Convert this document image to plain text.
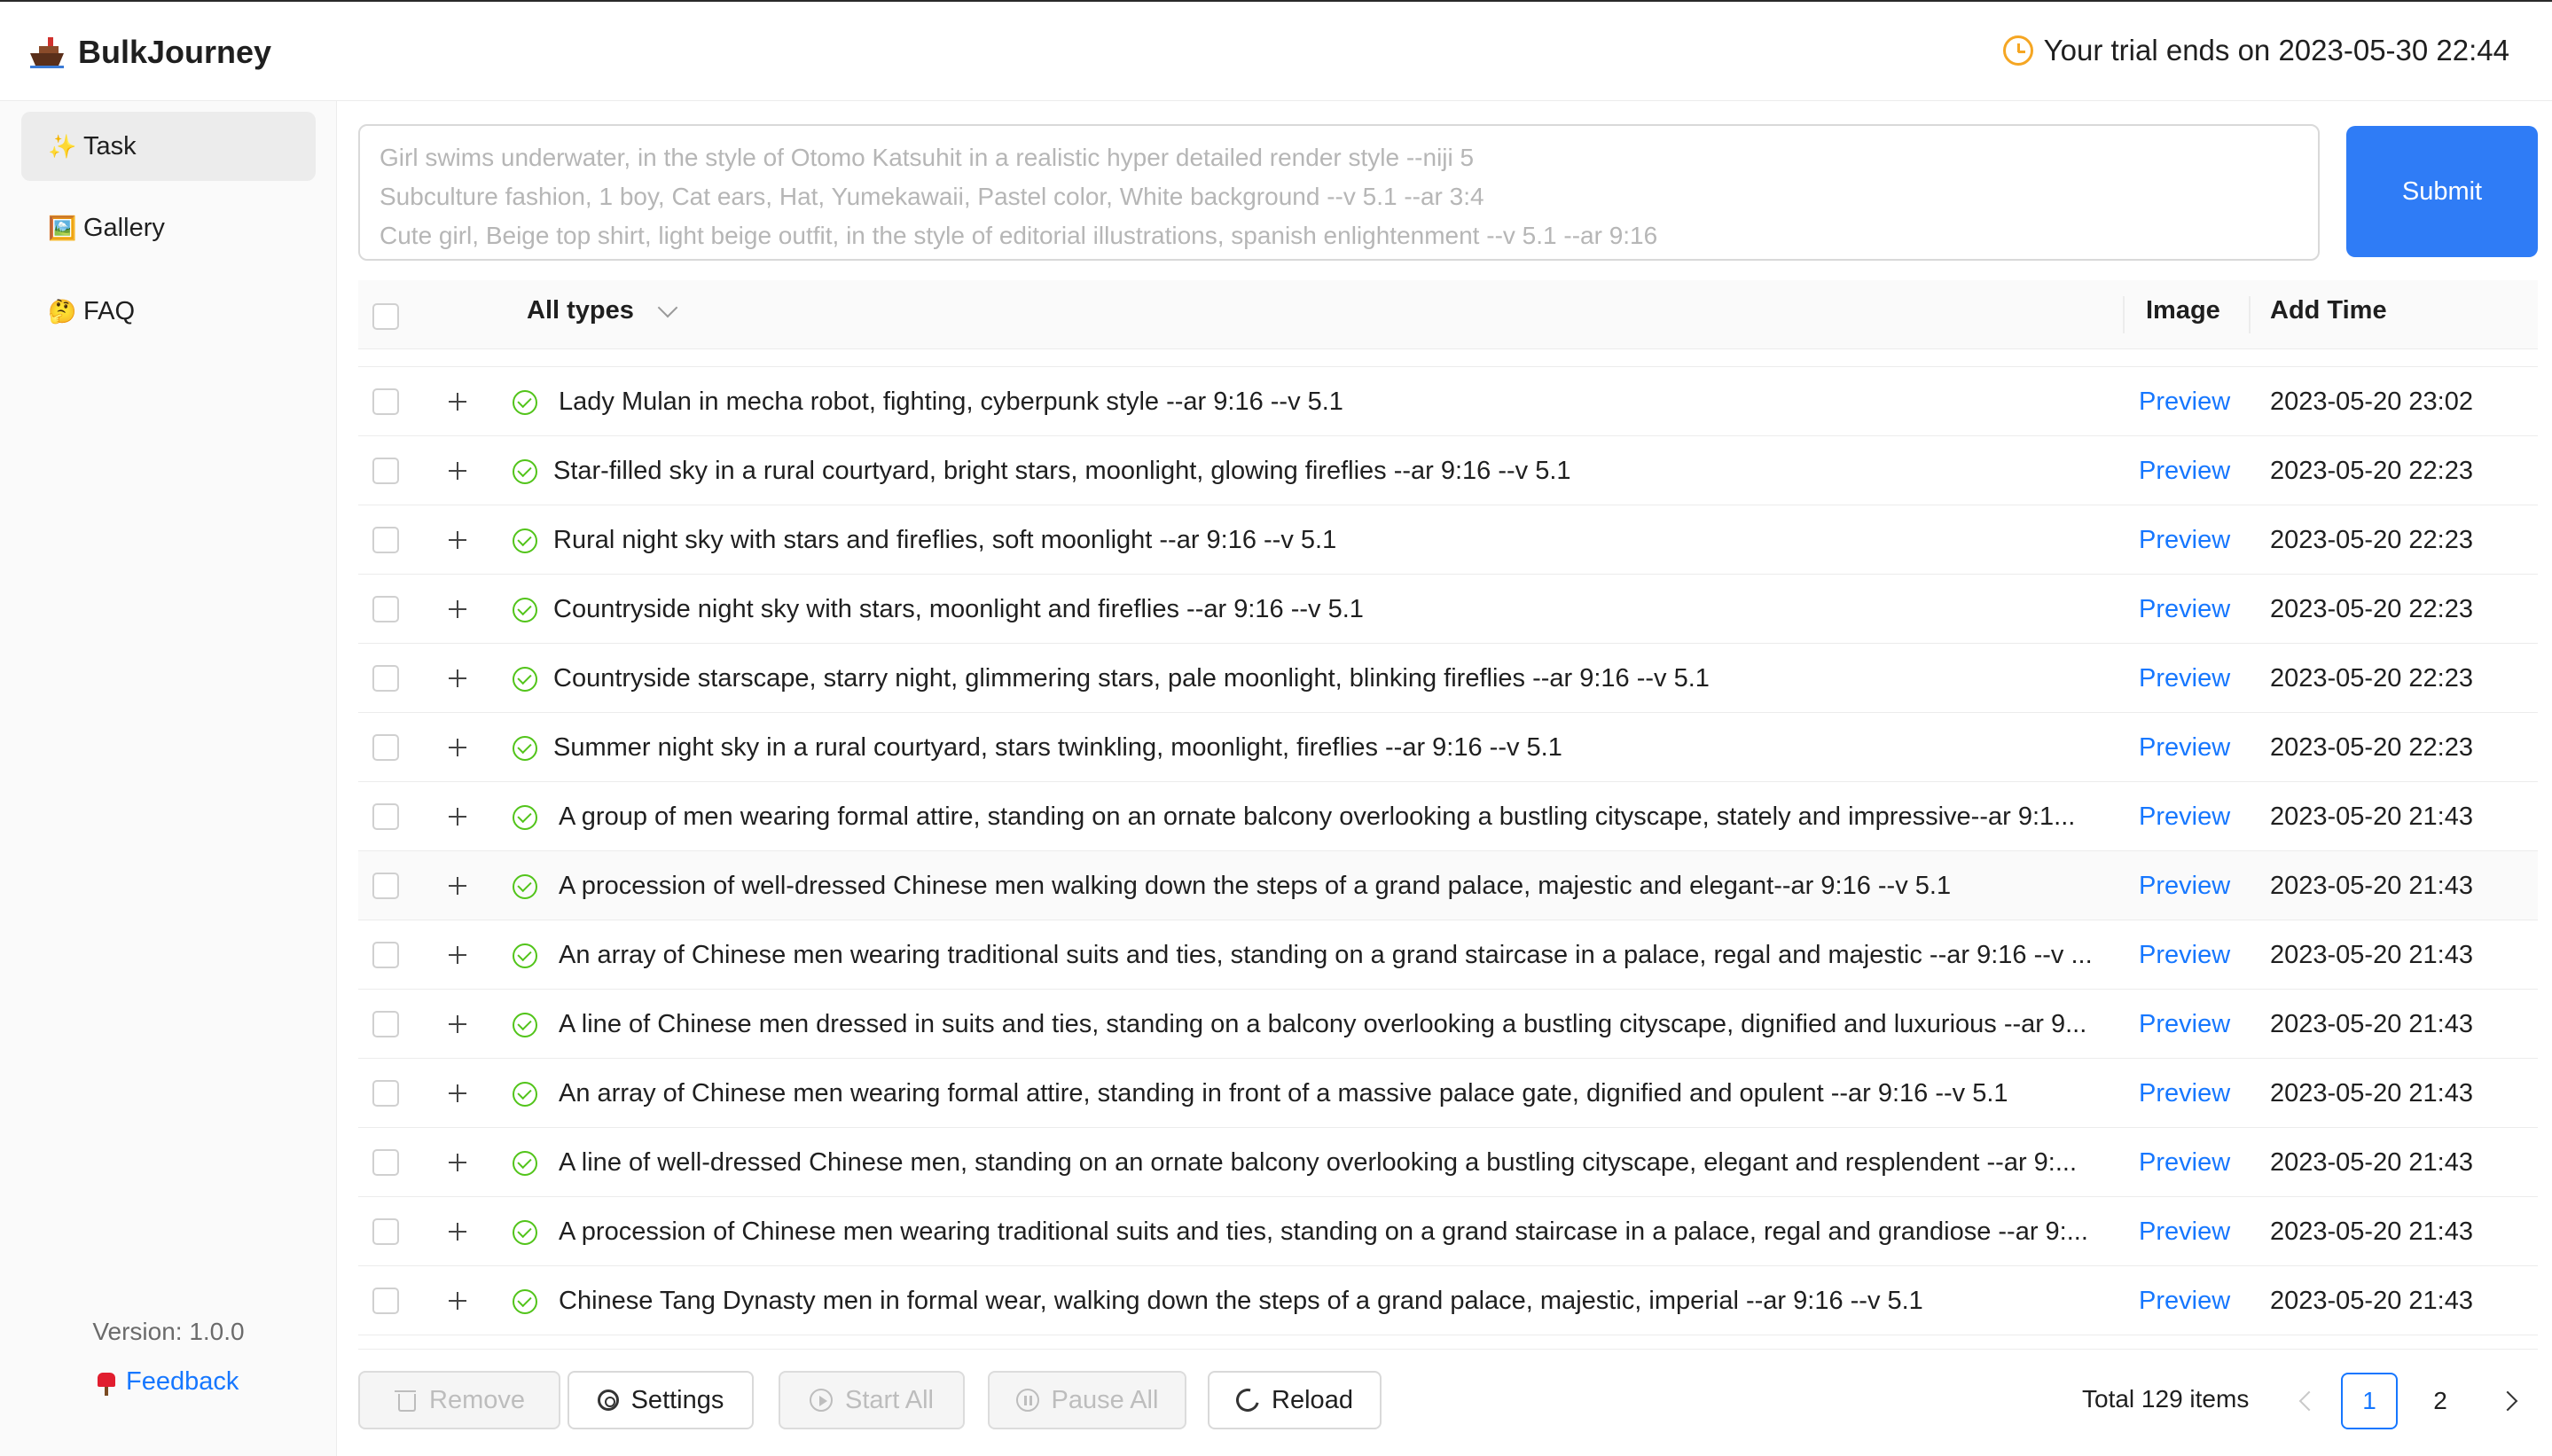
BulkJourney	Your trial ends on 2023-05-30 22:44
✨ Task
🖼️ Gallery
🤔 FAQ
Version: 1.0.0
Feedback
Girl swims underwater, in the style of Otomo Katsuhit in a realistic hyper detailed render style --niji 5
Subculture fashion, 1 boy, Cat ears, Hat, Yumekawaii, Pastel color, White background --v 5.1 --ar 3:4
Cute girl, Beige top shirt, light beige outfit, in the style of editorial illustrations, spanish enlightenment --v 5.1 --ar 9:16
Submit
Lady Mulan in mecha robot, fighting, cyberpunk style --ar 9:16 --v 5.1	Preview 2023-05-20 23:02
Star-filled sky in a rural courtyard, bright stars, moonlight, glowing fireflies --ar 9:16 --v 5.1	Preview 2023-05-20 22:23
Rural night sky with stars and fireflies, soft moonlight --ar 9:16 --v 5.1	Preview 2023-05-20 22:23
Countryside night sky with stars, moonlight and fireflies --ar 9:16 --v 5.1	Preview 2023-05-20 22:23
Countryside starscape, starry night, glimmering stars, pale moonlight, blinking fireflies --ar 9:16 --v 5.1	Preview 2023-05-20 22:23
Summer night sky in a rural courtyard, stars twinkling, moonlight, fireflies --ar 9:16 --v 5.1	Preview 2023-05-20 22:23
A group of men wearing formal attire, standing on an ornate balcony overlooking a bustling cityscape, stately and impressive--ar 9:1...	Preview 2023-05-20 21:43
A procession of well-dressed Chinese men walking down the steps of a grand palace, majestic and elegant--ar 9:16 --v 5.1	Preview 2023-05-20 21:43
An array of Chinese men wearing traditional suits and ties, standing on a grand staircase in a palace, regal and majestic --ar 9:16 --v ...	Preview 2023-05-20 21:43
A line of Chinese men dressed in suits and ties, standing on a balcony overlooking a bustling cityscape, dignified and luxurious --ar 9...	Preview 2023-05-20 21:43
An array of Chinese men wearing formal attire, standing in front of a massive palace gate, dignified and opulent --ar 9:16 --v 5.1	Preview 2023-05-20 21:43
A line of well-dressed Chinese men, standing on an ornate balcony overlooking a bustling cityscape, elegant and resplendent --ar 9:...	Preview 2023-05-20 21:43
A procession of Chinese men wearing traditional suits and ties, standing on a grand staircase in a palace, regal and grandiose --ar 9:...	Preview 2023-05-20 21:43
Chinese Tang Dynasty men in formal wear, walking down the steps of a grand palace, majestic, imperial --ar 9:16 --v 5.1	Preview 2023-05-20 21:43
All types	Image Add Time
Remove	Settings	Start All	Pause All	Reload	Total 129 items	1	2
